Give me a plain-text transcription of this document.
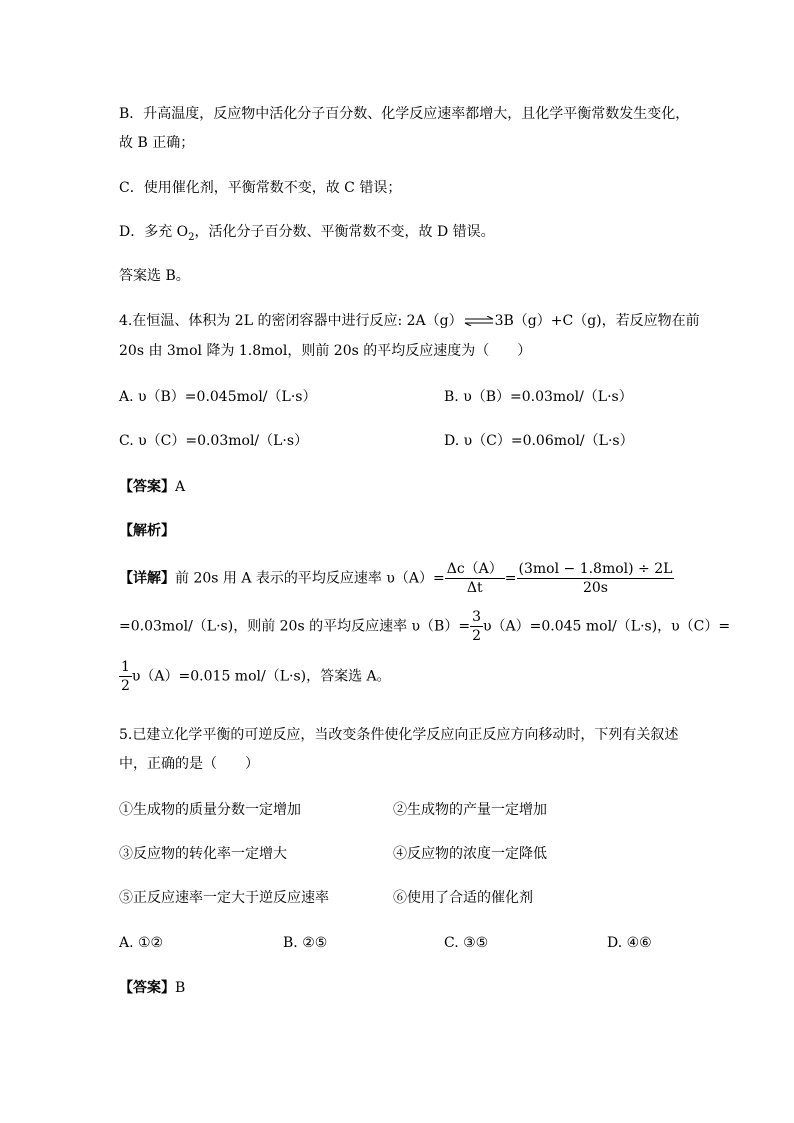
B．升高温度，反应物中活化分子百分数、化学反应速率都增大，且化学平衡常数发生变化，
故 B 正确；
C．使用催化剂，平衡常数不变，故 C 错误；
D．多充 $O_2$，活化分子百分数、平衡常数不变，故 D 错误。
答案选 B。
4.在恒温、体积为 2L 的密闭容器中进行反应: 2A（g）⇌3B（g）+C（g)，若反应物在前
20s 由 3mol 降为 1.8mol，则前 20s 的平均反应速度为（　　）
A. υ（B）=0.045mol/（L·s）	B. υ（B）=0.03mol/（L·s）
C. υ（C）=0.03mol/（L·s）	D. υ（C）=0.06mol/（L·s）
【答案】A
【解析】
【详解】前 20s 用 A 表示的平均反应速率 $\upsilon(A)= \frac{\Delta c(A)}{\Delta t} = \frac{\text{(3mol − 1.8mol) ÷ 2L}}{20s}$
=0.03mol/（L·s)，则前 20s 的平均反应速率 $\upsilon(B)= \frac{3}{2} \upsilon(A)=0.045$ mol/（L·s)，υ（C）=
$\frac{1}{2} \upsilon(A)=0.015$ mol/（L·s)，答案选 A。
5.已建立化学平衡的可逆反应，当改变条件使化学反应向正反应方向移动时，下列有关叙述
中，正确的是（　　）
①生成物的质量分数一定增加	②生成物的产量一定增加
③反应物的转化率一定增大	④反应物的浓度一定降低
⑤正反应速率一定大于逆反应速率	⑥使用了合适的催化剂
A. ①②	B. ②⑤	C. ③⑤	D. ④⑥
【答案】B
